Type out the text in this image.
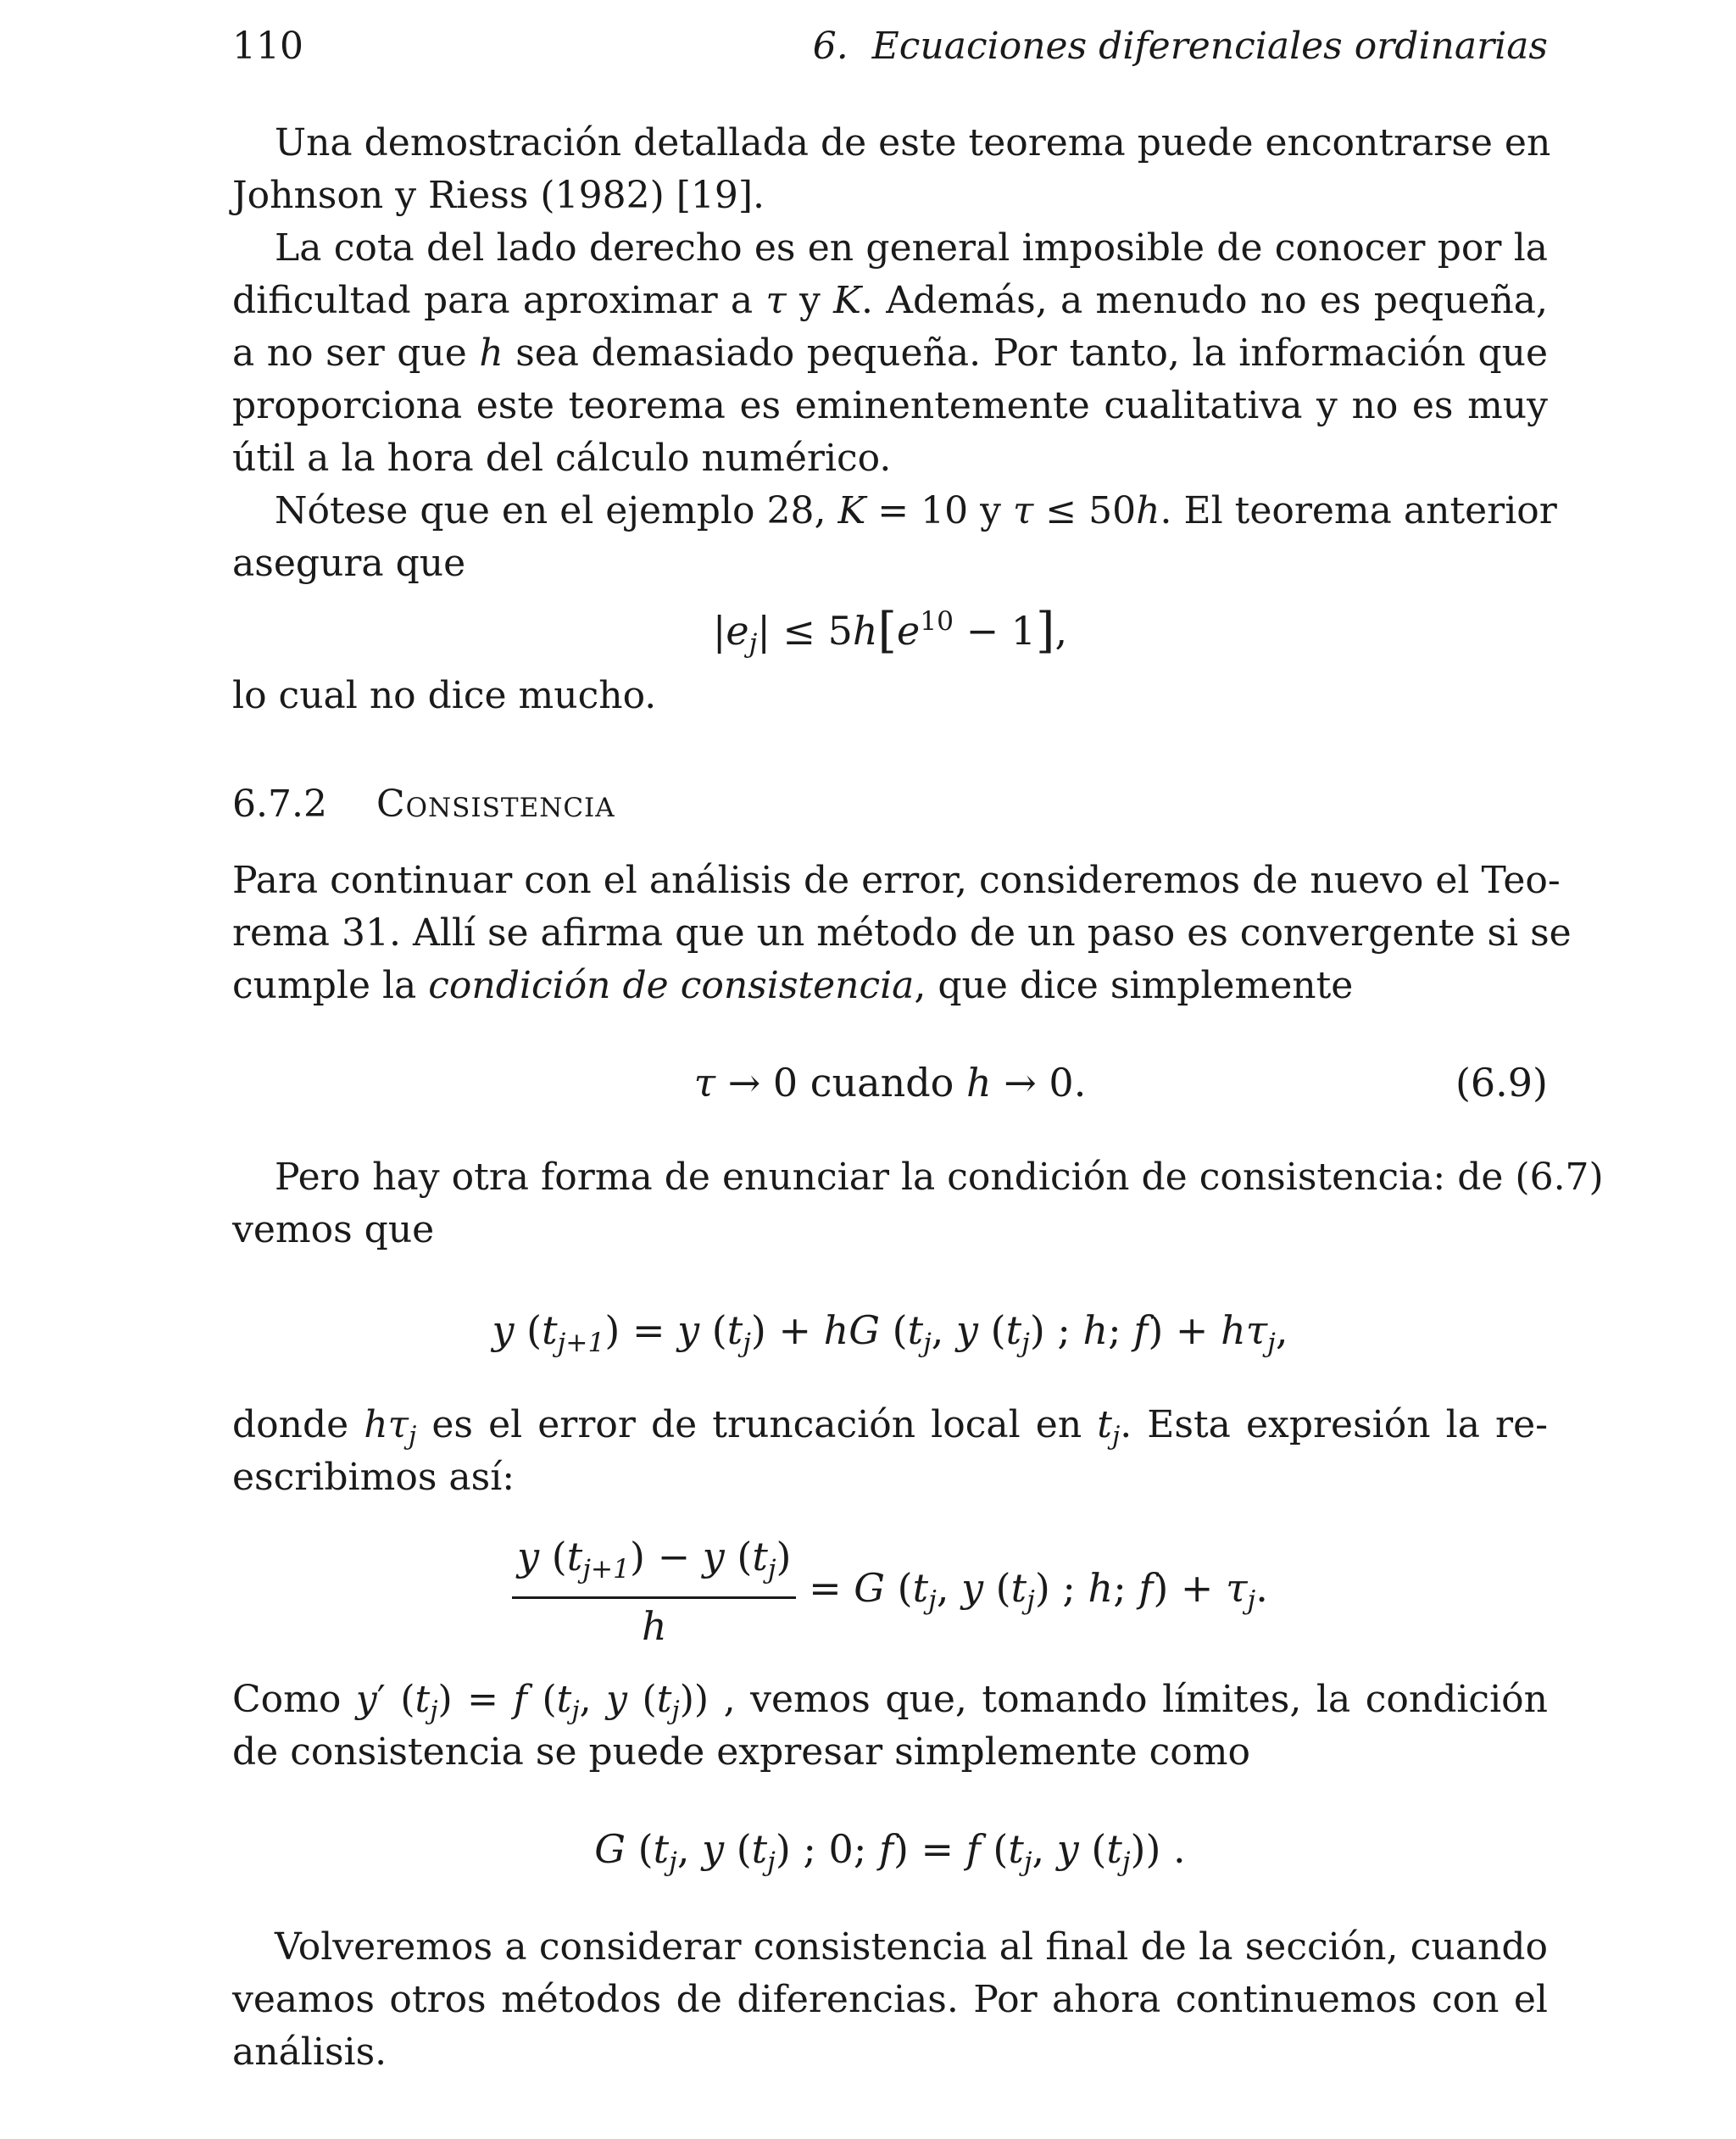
110	6.  Ecuaciones diferenciales ordinarias
Una demostración detallada de este teorema puede encontrarse en
Johnson y Riess (1982) [19].
La cota del lado derecho es en general imposible de conocer por la
dificultad para aproximar a τ y K. Además, a menudo no es pequeña,
a no ser que h sea demasiado pequeña. Por tanto, la información que
proporciona este teorema es eminentemente cualitativa y no es muy
útil a la hora del cálculo numérico.
Nótese que en el ejemplo 28, K = 10 y τ ≤ 50h. El teorema anterior
asegura que
$|e_j| \le 5h[e^{10} - 1]$,
lo cual no dice mucho.
6.7.2 Consistencia
Para continuar con el análisis de error, consideremos de nuevo el Teo-
rema 31. Allí se afirma que un método de un paso es convergente si se
cumple la condición de consistencia, que dice simplemente
τ → 0 cuando h → 0.	(6.9)
Pero hay otra forma de enunciar la condición de consistencia: de (6.7)
vemos que
y $(t_{j+1}) = y$ $(t_j)$ + hG ($t_j$, y $(t_j)$ ; h; $f) + h\tau_j$,
donde $h\tau_j$ es el error de truncación local en $t_j$. Esta expresión la re-
escribimos así:
$\frac{y (t_{j+1}) - y (t_j)}{h} = G$ ($t_j$, y $(t_j)$ ; h; $f) + \tau_j$.
Como y′ $(t_j) = f$ ($t_j$, y $(t_j)$) , vemos que, tomando límites, la condición
de consistencia se puede expresar simplemente como
G ($t_j$, y $(t_j)$ ; 0; f) = f ($t_j$, y $(t_j)$) .
Volveremos a considerar consistencia al final de la sección, cuando
veamos otros métodos de diferencias. Por ahora continuemos con el
análisis.
